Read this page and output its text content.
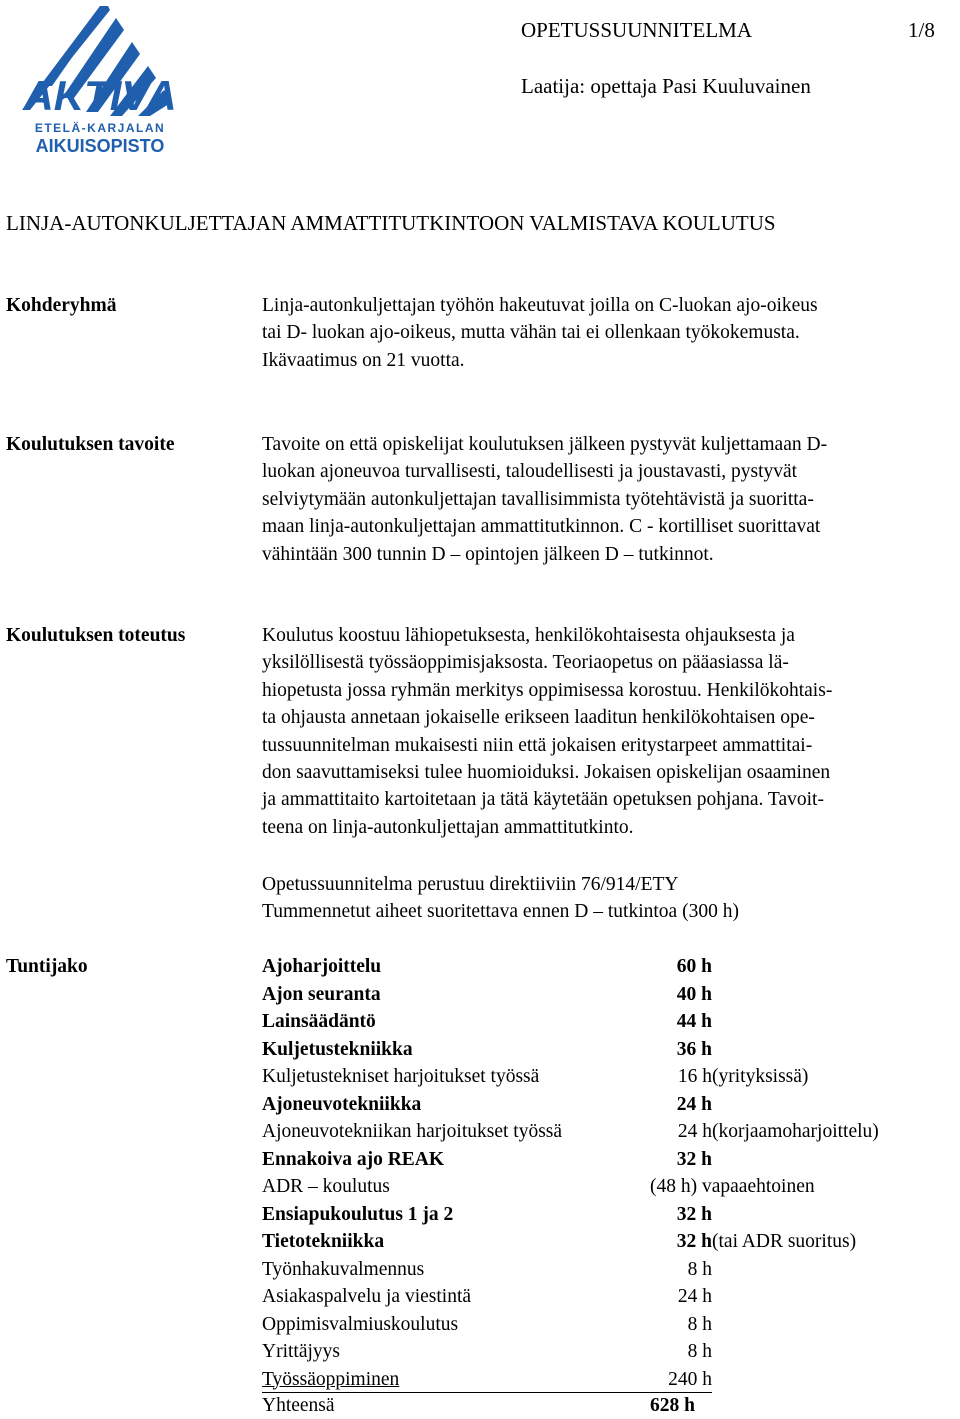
AKTIVA
ETELÄ-KARJALAN
AIKUISOPISTO
OPETUSSUUNNITELMA	1/8
Laatija: opettaja Pasi Kuuluvainen
LINJA-AUTONKULJETTAJAN AMMATTITUTKINTOON VALMISTAVA KOULUTUS
Kohderyhmä	Linja-autonkuljettajan työhön hakeutuvat joilla on C-luokan ajo-oikeus
tai D- luokan ajo-oikeus, mutta vähän tai ei ollenkaan työkokemusta.
Ikävaatimus on 21 vuotta.
Koulutuksen tavoite	Tavoite on että opiskelijat koulutuksen jälkeen pystyvät kuljettamaan D-
luokan ajoneuvoa turvallisesti, taloudellisesti ja joustavasti, pystyvät
selviytymään autonkuljettajan tavallisimmista työtehtävistä ja suoritta-
maan linja-autonkuljettajan ammattitutkinnon. C - kortilliset suorittavat
vähintään 300 tunnin D – opintojen jälkeen D – tutkinnot.
Koulutuksen toteutus	Koulutus koostuu lähiopetuksesta, henkilökohtaisesta ohjauksesta ja
yksilöllisestä työssäoppimisjaksosta. Teoriaopetus on pääasiassa lä-
hiopetusta jossa ryhmän merkitys oppimisessa korostuu. Henkilökohtais-
ta ohjausta annetaan jokaiselle erikseen laaditun henkilökohtaisen ope-
tussuunnitelman mukaisesti niin että jokaisen eritystarpeet ammattitai-
don saavuttamiseksi tulee huomioiduksi. Jokaisen opiskelijan osaaminen
ja ammattitaito kartoitetaan ja tätä käytetään opetuksen pohjana. Tavoit-
teena on linja-autonkuljettajan ammattitutkinto.
Opetussuunnitelma perustuu direktiiviin 76/914/ETY
Tummennetut aiheet suoritettava ennen D – tutkintoa (300 h)
Tuntijako	Ajoharjoittelu	60 h
Ajon seuranta	40 h
Lainsäädäntö	44 h
Kuljetustekniikka	36 h
Kuljetustekniset harjoitukset työssä	16 h (yrityksissä)
Ajoneuvotekniikka	24 h
Ajoneuvotekniikan harjoitukset työssä	24 h (korjaamoharjoittelu)
Ennakoiva ajo REAK	32 h
ADR – koulutus	(48 h) vapaaehtoinen
Ensiapukoulutus 1 ja 2	32 h
Tietotekniikka	32 h (tai ADR suoritus)
Työnhakuvalmennus	8 h
Asiakaspalvelu ja viestintä	24 h
Oppimisvalmiuskoulutus	8 h
Yrittäjyys	8 h
Työssäoppiminen	240 h
Yhteensä	628 h
